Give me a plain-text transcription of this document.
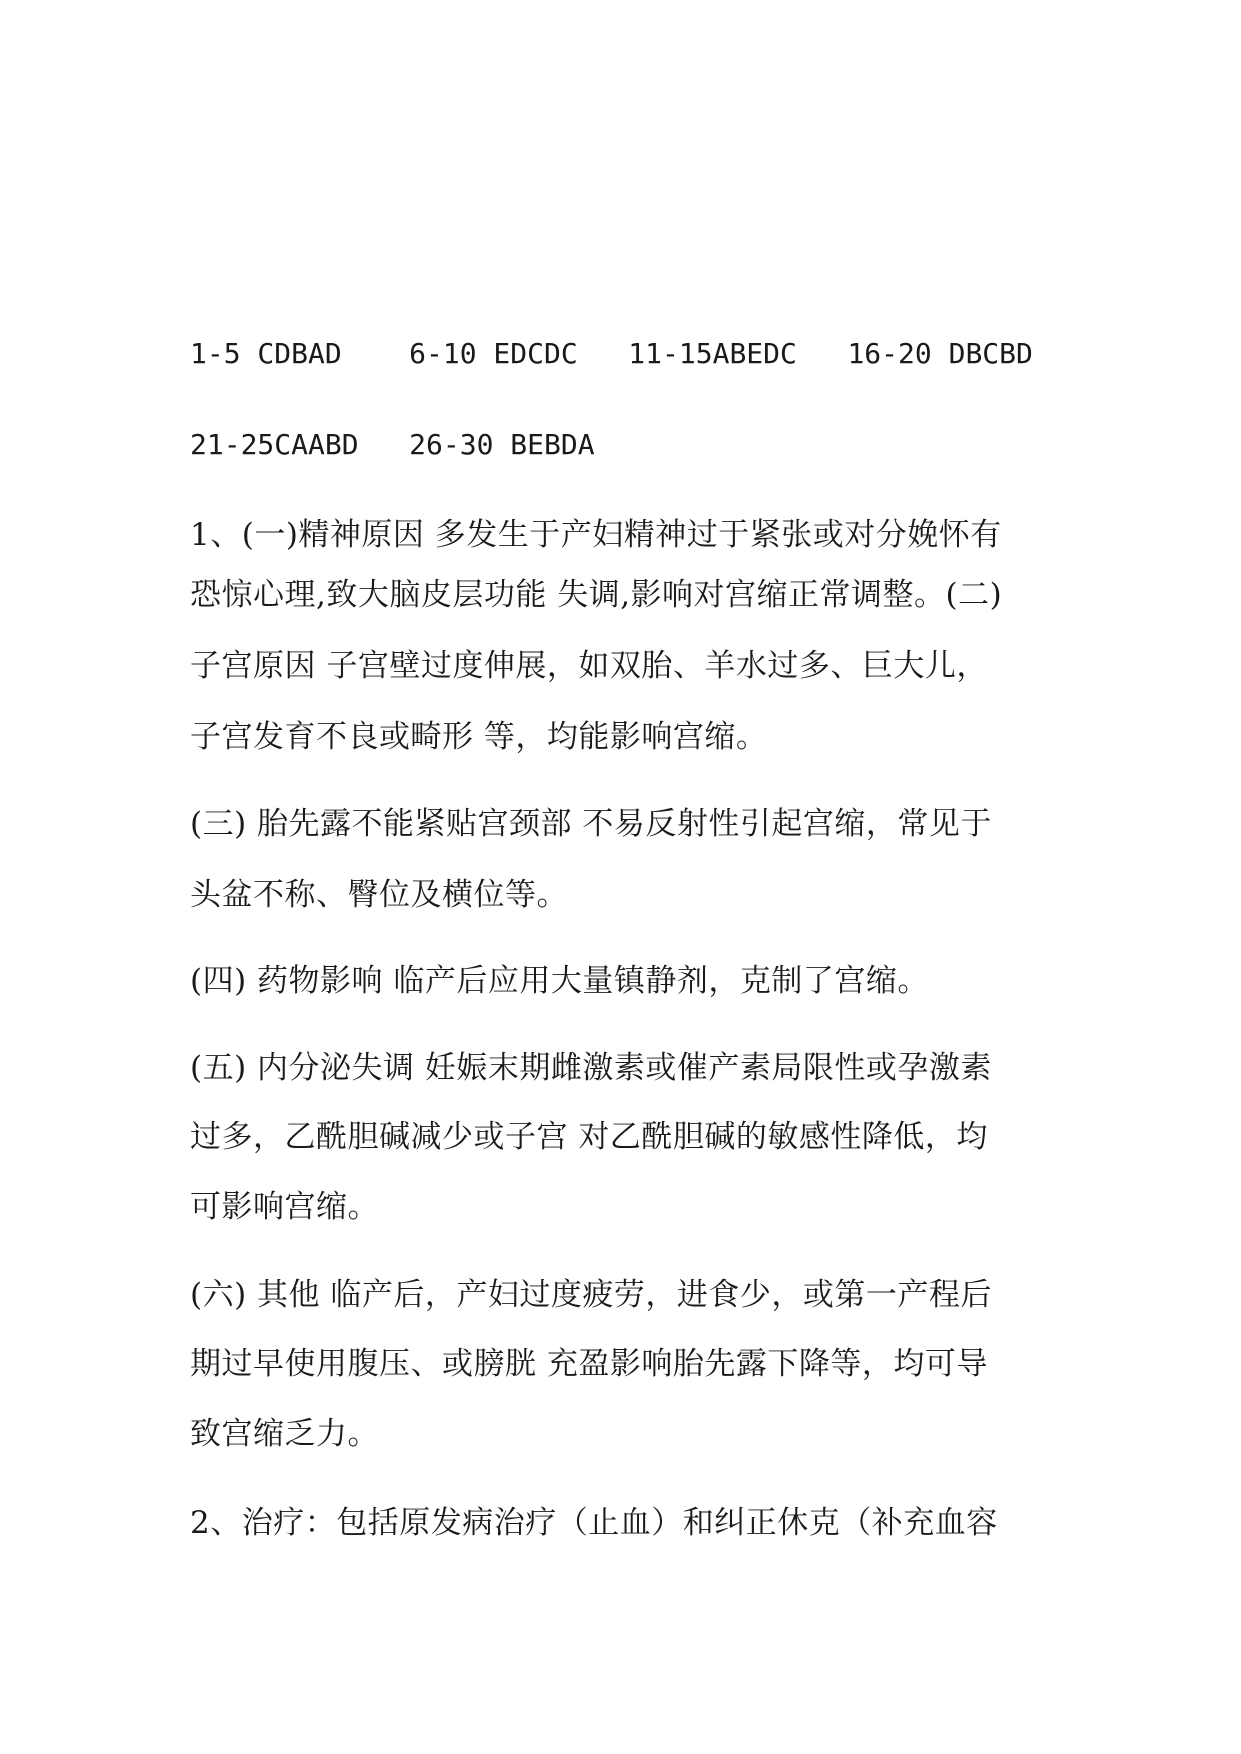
1-5 CDBAD    6-10 EDCDC   11-15ABEDC   16-20 DBCBD
21-25CAABD   26-30 BEBDA
1、(一)精神原因 多发生于产妇精神过于紧张或对分娩怀有
恐惊心理,致大脑皮层功能 失调,影响对宫缩正常调整。(二)
子宫原因 子宫壁过度伸展，如双胎、羊水过多、巨大儿，
子宫发育不良或畸形 等，均能影响宫缩。
(三) 胎先露不能紧贴宫颈部 不易反射性引起宫缩，常见于
头盆不称、臀位及横位等。
(四) 药物影响 临产后应用大量镇静剂，克制了宫缩。
(五) 内分泌失调 妊娠末期雌激素或催产素局限性或孕激素
过多，乙酰胆碱减少或子宫 对乙酰胆碱的敏感性降低，均
可影响宫缩。
(六) 其他 临产后，产妇过度疲劳，进食少，或第一产程后
期过早使用腹压、或膀胱 充盈影响胎先露下降等，均可导
致宫缩乏力。
2、治疗：包括原发病治疗（止血）和纠正休克（补充血容
